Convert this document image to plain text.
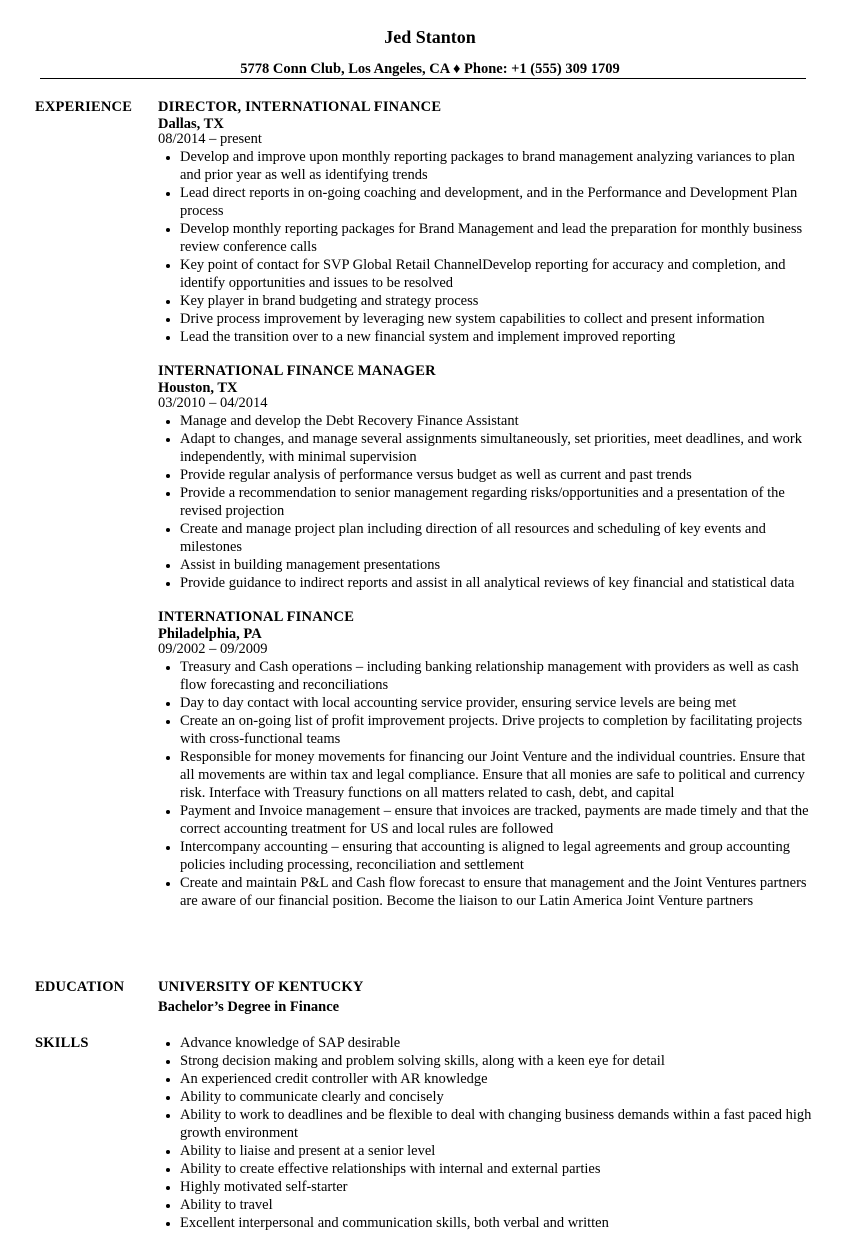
Jed Stanton
5778 Conn Club, Los Angeles, CA ♦ Phone: +1 (555) 309 1709
EXPERIENCE DIRECTOR, INTERNATIONAL FINANCE
Dallas, TX
08/2014 – present
• Develop and improve upon monthly reporting packages to brand management analyzing variances to plan and prior year as well as identifying trends
• Lead direct reports in on-going coaching and development, and in the Performance and Development Plan process
• Develop monthly reporting packages for Brand Management and lead the preparation for monthly business review conference calls
• Key point of contact for SVP Global Retail ChannelDevelop reporting for accuracy and completion, and identify opportunities and issues to be resolved
• Key player in brand budgeting and strategy process
• Drive process improvement by leveraging new system capabilities to collect and present information
• Lead the transition over to a new financial system and implement improved reporting
INTERNATIONAL FINANCE MANAGER
Houston, TX
03/2010 – 04/2014
• Manage and develop the Debt Recovery Finance Assistant
• Adapt to changes, and manage several assignments simultaneously, set priorities, meet deadlines, and work independently, with minimal supervision
• Provide regular analysis of performance versus budget as well as current and past trends
• Provide a recommendation to senior management regarding risks/opportunities and a presentation of the revised projection
• Create and manage project plan including direction of all resources and scheduling of key events and milestones
• Assist in building management presentations
• Provide guidance to indirect reports and assist in all analytical reviews of key financial and statistical data
INTERNATIONAL FINANCE
Philadelphia, PA
09/2002 – 09/2009
• Treasury and Cash operations – including banking relationship management with providers as well as cash flow forecasting and reconciliations
• Day to day contact with local accounting service provider, ensuring service levels are being met
• Create an on-going list of profit improvement projects. Drive projects to completion by facilitating projects with cross-functional teams
• Responsible for money movements for financing our Joint Venture and the individual countries. Ensure that all movements are within tax and legal compliance. Ensure that all monies are safe to political and currency risk. Interface with Treasury functions on all matters related to cash, debt, and capital
• Payment and Invoice management – ensure that invoices are tracked, payments are made timely and that the correct accounting treatment for US and local rules are followed
• Intercompany accounting – ensuring that accounting is aligned to legal agreements and group accounting policies including processing, reconciliation and settlement
• Create and maintain P&L and Cash flow forecast to ensure that management and the Joint Ventures partners are aware of our financial position. Become the liaison to our Latin America Joint Venture partners
EDUCATION UNIVERSITY OF KENTUCKY
Bachelor’s Degree in Finance
SKILLS
•	Advance knowledge of SAP desirable
• Strong decision making and problem solving skills, along with a keen eye for detail
• An experienced credit controller with AR knowledge
• Ability to communicate clearly and concisely
• Ability to work to deadlines and be flexible to deal with changing business demands within a fast paced high growth environment
• Ability to liaise and present at a senior level
• Ability to create effective relationships with internal and external parties
• Highly motivated self-starter
• Ability to travel
• Excellent interpersonal and communication skills, both verbal and written
